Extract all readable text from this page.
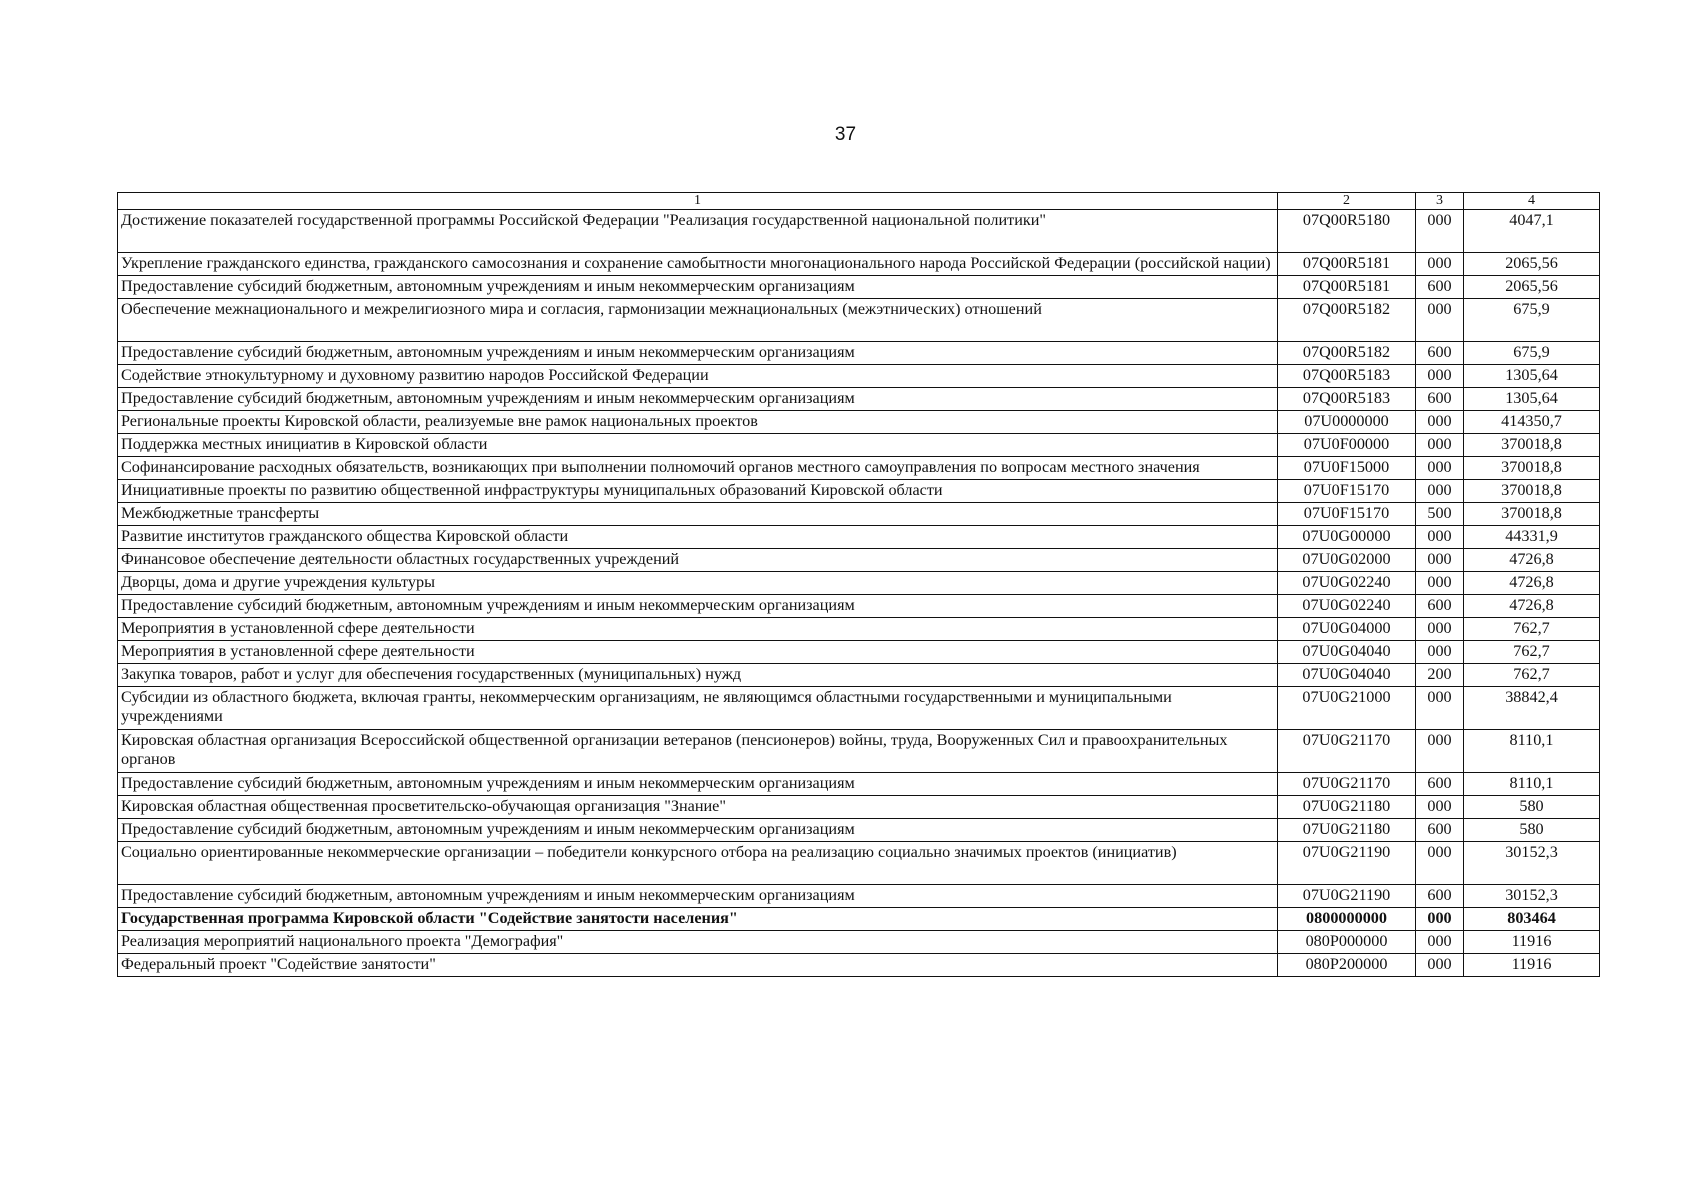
37
1	2	3	4
Достижение показателей государственной программы Российской Федерации "Реализация государственной национальной политики"	07Q00R5180	000	4047,1
Укрепление гражданского единства, гражданского самосознания и сохранение самобытности многонационального народа Российской Федерации (российской нации)	07Q00R5181	000	2065,56
Предоставление субсидий бюджетным, автономным учреждениям и иным некоммерческим организациям	07Q00R5181	600	2065,56
Обеспечение межнационального и межрелигиозного мира и согласия, гармонизации межнациональных (межэтнических) отношений	07Q00R5182	000	675,9
Предоставление субсидий бюджетным, автономным учреждениям и иным некоммерческим организациям	07Q00R5182	600	675,9
Содействие этнокультурному и духовному развитию народов Российской Федерации	07Q00R5183	000	1305,64
Предоставление субсидий бюджетным, автономным учреждениям и иным некоммерческим организациям	07Q00R5183	600	1305,64
Региональные проекты Кировской области, реализуемые вне рамок национальных проектов	07U0000000	000	414350,7
Поддержка местных инициатив в Кировской области	07U0F00000	000	370018,8
Софинансирование расходных обязательств, возникающих при выполнении полномочий органов местного самоуправления по вопросам местного значения	07U0F15000	000	370018,8
Инициативные проекты по развитию общественной инфраструктуры муниципальных образований Кировской области	07U0F15170	000	370018,8
Межбюджетные трансферты	07U0F15170	500	370018,8
Развитие институтов гражданского общества Кировской области	07U0G00000	000	44331,9
Финансовое обеспечение деятельности областных государственных учреждений	07U0G02000	000	4726,8
Дворцы, дома и другие учреждения культуры	07U0G02240	000	4726,8
Предоставление субсидий бюджетным, автономным учреждениям и иным некоммерческим организациям	07U0G02240	600	4726,8
Мероприятия в установленной сфере деятельности	07U0G04000	000	762,7
Мероприятия в установленной сфере деятельности	07U0G04040	000	762,7
Закупка товаров, работ и услуг для обеспечения государственных (муниципальных) нужд	07U0G04040	200	762,7
Субсидии из областного бюджета, включая гранты, некоммерческим организациям, не являющимся областными государственными и муниципальными учреждениями	07U0G21000	000	38842,4
Кировская областная организация Всероссийской общественной организации ветеранов (пенсионеров) войны, труда, Вооруженных Сил и правоохранительных органов	07U0G21170	000	8110,1
Предоставление субсидий бюджетным, автономным учреждениям и иным некоммерческим организациям	07U0G21170	600	8110,1
Кировская областная общественная просветительско-обучающая организация "Знание"	07U0G21180	000	580
Предоставление субсидий бюджетным, автономным учреждениям и иным некоммерческим организациям	07U0G21180	600	580
Социально ориентированные некоммерческие организации – победители конкурсного отбора на реализацию социально значимых проектов (инициатив)	07U0G21190	000	30152,3
Предоставление субсидий бюджетным, автономным учреждениям и иным некоммерческим организациям	07U0G21190	600	30152,3
Государственная программа Кировской области "Содействие занятости населения"	0800000000	000	803464
Реализация мероприятий национального проекта "Демография"	080P000000	000	11916
Федеральный проект "Содействие занятости"	080P200000	000	11916
